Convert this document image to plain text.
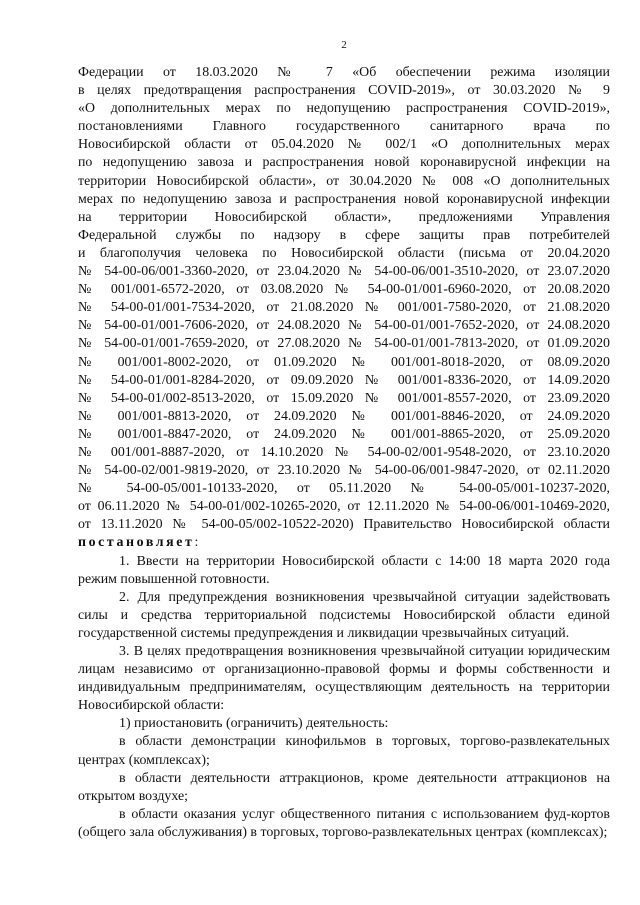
2
Федерации от 18.03.2020 № 7 «Об обеспечении режима изоляции
в целях предотвращения распространения COVID-2019», от 30.03.2020 № 9
«О дополнительных мерах по недопущению распространения COVID-2019»,
постановлениями Главного государственного санитарного врача по
Новосибирской области от 05.04.2020 № 002/1 «О дополнительных мерах
по недопущению завоза и распространения новой коронавирусной инфекции на
территории Новосибирской области», от 30.04.2020 № 008 «О дополнительных
мерах по недопущению завоза и распространения новой коронавирусной инфекции
на территории Новосибирской области», предложениями Управления
Федеральной службы по надзору в сфере защиты прав потребителей
и благополучия человека по Новосибирской области (письма от 20.04.2020
№ 54-00-06/001-3360-2020, от 23.04.2020 № 54-00-06/001-3510-2020, от 23.07.2020
№ 001/001-6572-2020, от 03.08.2020 № 54-00-01/001-6960-2020, от 20.08.2020
№ 54-00-01/001-7534-2020, от 21.08.2020 № 001/001-7580-2020, от 21.08.2020
№ 54-00-01/001-7606-2020, от 24.08.2020 № 54-00-01/001-7652-2020, от 24.08.2020
№ 54-00-01/001-7659-2020, от 27.08.2020 № 54-00-01/001-7813-2020, от 01.09.2020
№ 001/001-8002-2020, от 01.09.2020 № 001/001-8018-2020, от 08.09.2020
№ 54-00-01/001-8284-2020, от 09.09.2020 № 001/001-8336-2020, от 14.09.2020
№ 54-00-01/002-8513-2020, от 15.09.2020 № 001/001-8557-2020, от 23.09.2020
№ 001/001-8813-2020, от 24.09.2020 № 001/001-8846-2020, от 24.09.2020
№ 001/001-8847-2020, от 24.09.2020 № 001/001-8865-2020, от 25.09.2020
№ 001/001-8887-2020, от 14.10.2020 № 54-00-02/001-9548-2020, от 23.10.2020
№ 54-00-02/001-9819-2020, от 23.10.2020 № 54-00-06/001-9847-2020, от 02.11.2020
№ 54-00-05/001-10133-2020, от 05.11.2020 № 54-00-05/001-10237-2020,
от 06.11.2020 № 54-00-01/002-10265-2020, от 12.11.2020 № 54-00-06/001-10469-2020,
от 13.11.2020 № 54-00-05/002-10522-2020) Правительство Новосибирской области
постановляет:

1. Ввести на территории Новосибирской области с 14:00 18 марта 2020 года режим повышенной готовности.

2. Для предупреждения возникновения чрезвычайной ситуации задействовать силы и средства территориальной подсистемы Новосибирской области единой государственной системы предупреждения и ликвидации чрезвычайных ситуаций.

3. В целях предотвращения возникновения чрезвычайной ситуации юридическим лицам независимо от организационно-правовой формы и формы собственности и индивидуальным предпринимателям, осуществляющим деятельность на территории Новосибирской области:

1) приостановить (ограничить) деятельность:

в области демонстрации кинофильмов в торговых, торгово-развлекательных центрах (комплексах);

в области деятельности аттракционов, кроме деятельности аттракционов на открытом воздухе;

в области оказания услуг общественного питания с использованием фуд-кортов (общего зала обслуживания) в торговых, торгово-развлекательных центрах (комплексах);
